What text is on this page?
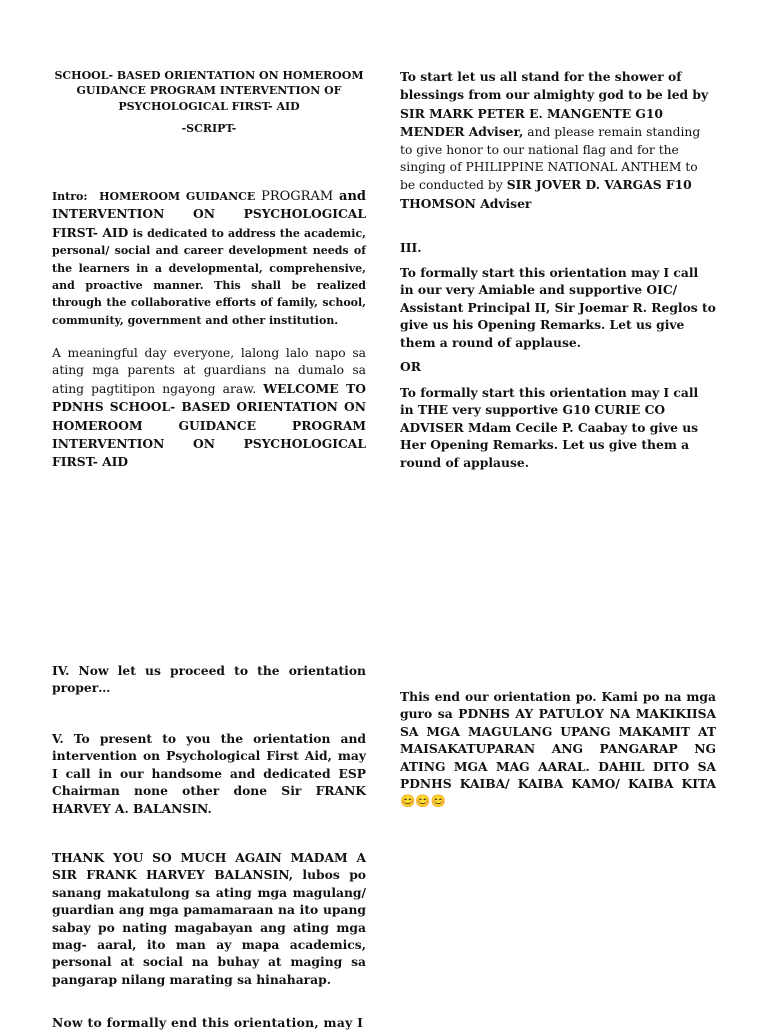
SCHOOL- BASED ORIENTATION ON HOMEROOM GUIDANCE PROGRAM INTERVENTION OF PSYCHOLOGICAL FIRST- AID
-SCRIPT-
Intro: HOMEROOM GUIDANCE PROGRAM and INTERVENTION ON PSYCHOLOGICAL FIRST- AID is dedicated to address the academic, personal/ social and career development needs of the learners in a developmental, comprehensive, and proactive manner. This shall be realized through the collaborative efforts of family, school, community, government and other institution.
A meaningful day everyone, lalong lalo napo sa ating mga parents at guardians na dumalo sa ating pagtitipon ngayong araw. WELCOME TO PDNHS SCHOOL- BASED ORIENTATION ON HOMEROOM GUIDANCE PROGRAM INTERVENTION ON PSYCHOLOGICAL FIRST- AID
IV. Now let us proceed to the orientation proper…
V. To present to you the orientation and intervention on Psychological First Aid, may I call in our handsome and dedicated ESP Chairman none other done Sir FRANK HARVEY A. BALANSIN.
THANK YOU SO MUCH AGAIN MADAM A SIR FRANK HARVEY BALANSIN, lubos po sanang makatulong sa ating mga magulang/ guardian ang mga pamamaraan na ito upang sabay po nating magabayan ang ating mga mag- aaral, ito man ay mapa academics, personal at social na buhay at maging sa pangarap nilang marating sa hinaharap.
Now to formally end this orientation, may I
To start let us all stand for the shower of blessings from our almighty god to be led by SIR MARK PETER E. MANGENTE G10 MENDER Adviser, and please remain standing to give honor to our national flag and for the singing of PHILIPPINE NATIONAL ANTHEM to be conducted by SIR JOVER D. VARGAS F10 THOMSON Adviser
III.
To formally start this orientation may I call in our very Amiable and supportive OIC/ Assistant Principal II, Sir Joemar R. Reglos to give us his Opening Remarks. Let us give them a round of applause.
OR
To formally start this orientation may I call in THE very supportive G10 CURIE CO ADVISER Mdam Cecile P. Caabay to give us Her Opening Remarks. Let us give them a round of applause.
This end our orientation po. Kami po na mga guro sa PDNHS AY PATULOY NA MAKIKIISA SA MGA MAGULANG UPANG MAKAMIT AT MAISAKATUPARAN ANG PANGARAP NG ATING MGA MAG AARAL. DAHIL DITO SA PDNHS KAIBA/ KAIBA KAMO/ KAIBA KITA 😊😊😊
